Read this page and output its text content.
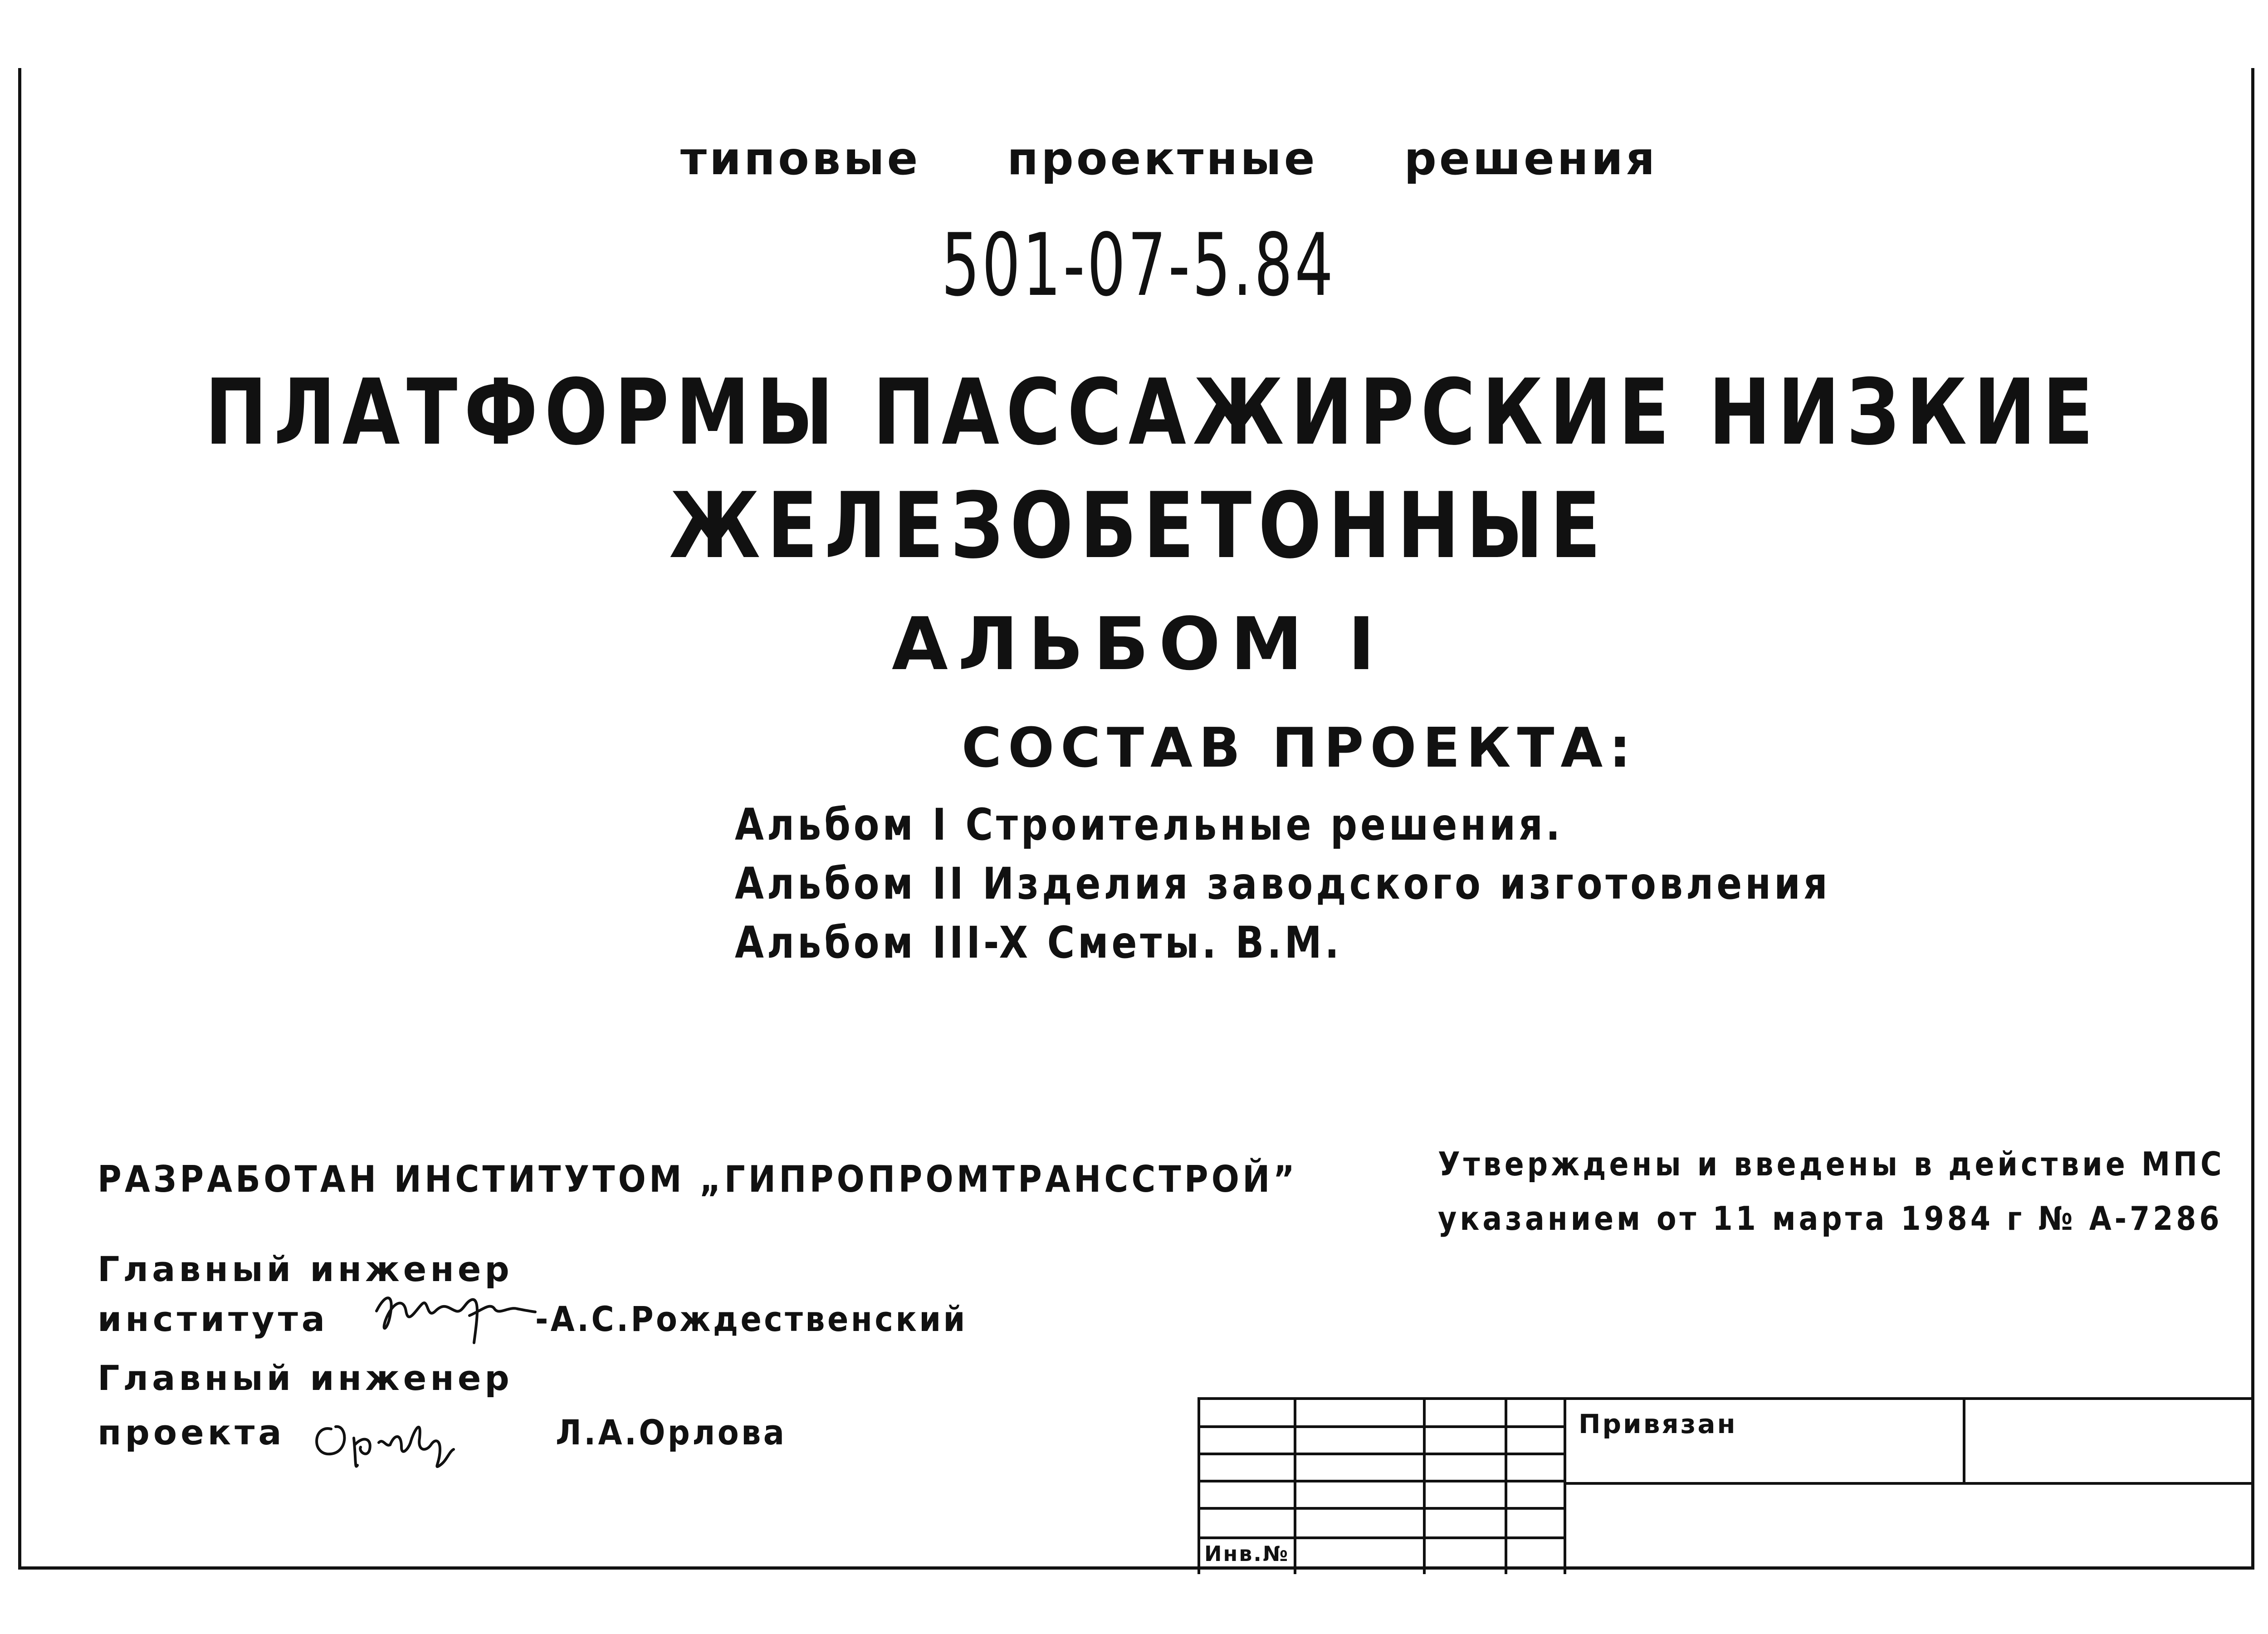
типовые проектные решения
501-07-5.84
ПЛАТФОРМЫ ПАССАЖИРСКИЕ НИЗКИЕ
ЖЕЛЕЗОБЕТОННЫЕ
АЛЬБОМ I
СОСТАВ ПРОЕКТА:
Альбом I Строительные решения.
Альбом II Изделия заводского изготовления
Альбом III-X Сметы. В.М.
РАЗРАБОТАН ИНСТИТУТОМ „ГИПРОПРОМТРАНССТРОЙ”	Утверждены и введены в действие МПС
указанием от 11 марта 1984 г № А-7286
Главный инженер
института	-А.С.Рождественский
Главный инженер
проекта	Л.А.Орлова	Привязан
Инв.№
